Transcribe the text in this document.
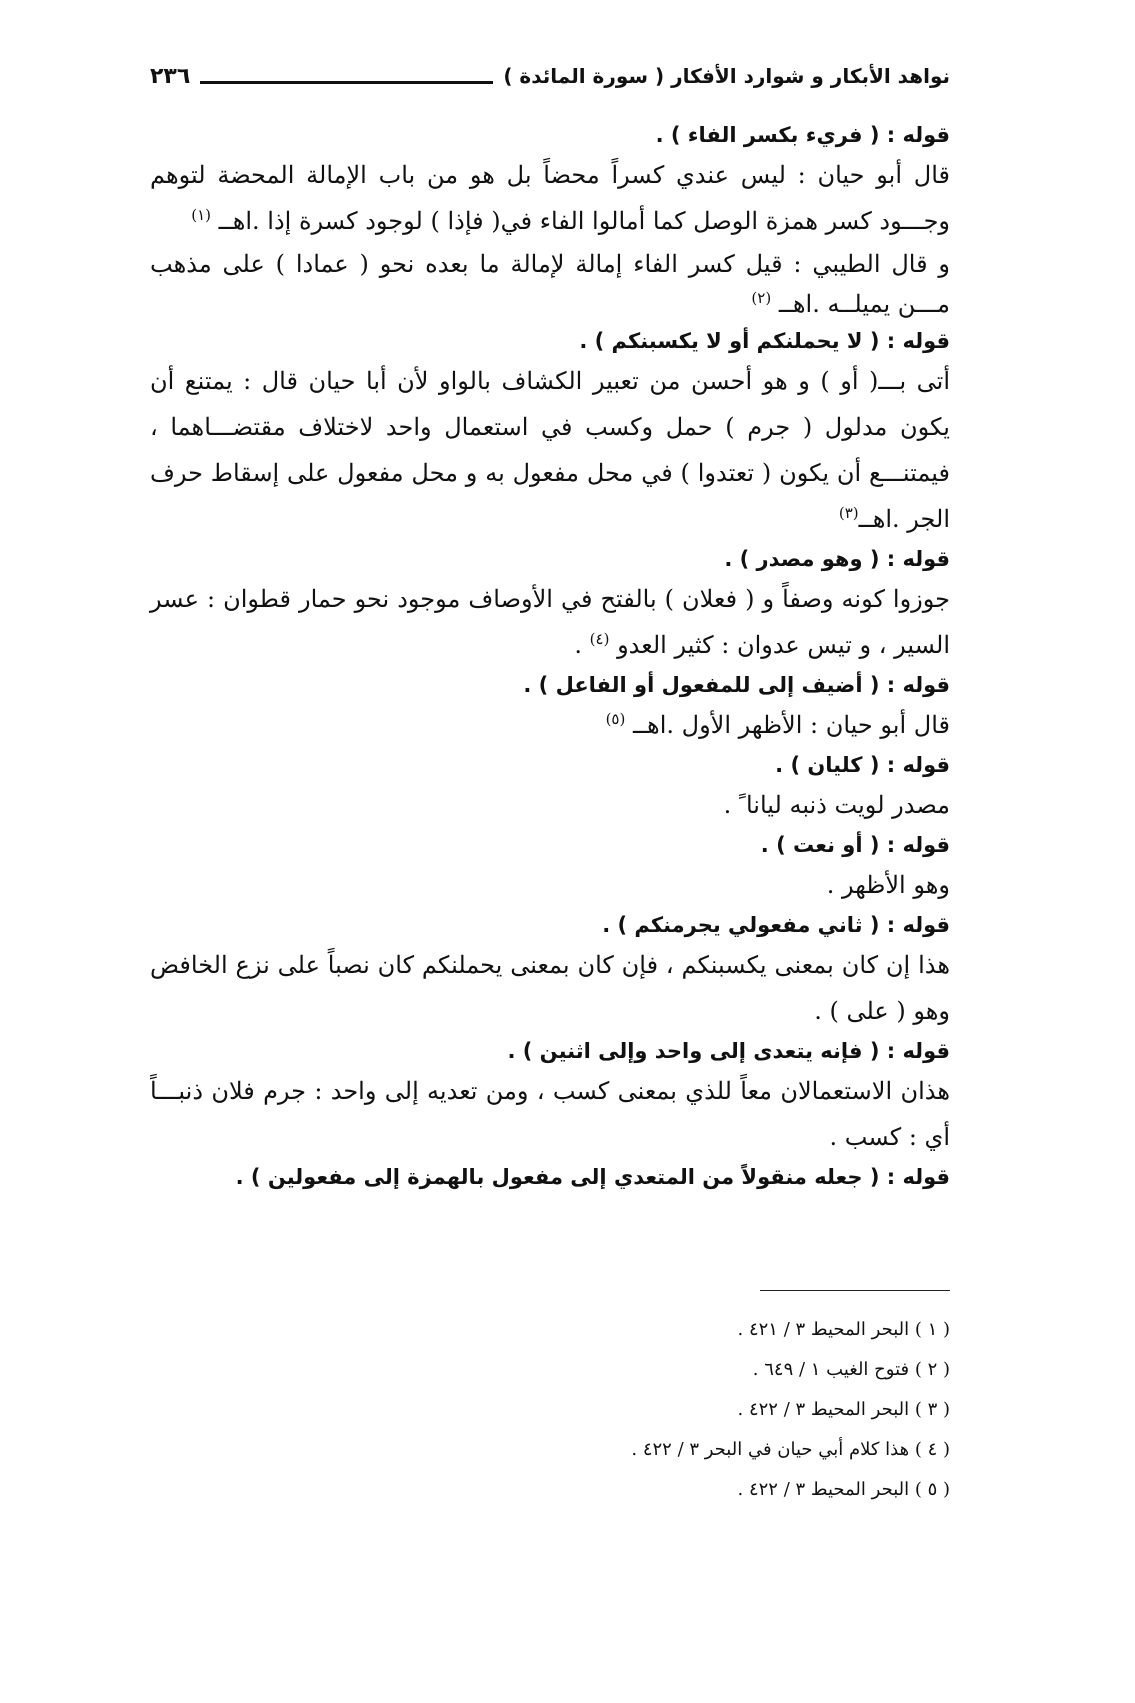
نواهد الأبكار و شوارد الأفكار ( سورة المائدة )
٢٣٦

قوله : ( فريء بكسر الفاء ) .

قال أبو حيان : ليس عندي كسراً محضاً بل هو من باب الإمالة المحضة لتوهم وجـــود كسر همزة الوصل كما أمالوا الفاء في( فإذا ) لوجود كسرة إذا .اهــ $^{(١)}$

و قال الطيبي : قيل كسر الفاء إمالة لإمالة ما بعده نحو ( عمادا ) على مذهب مـــن يميلــه .اهــ $^{(٢)}$

قوله : ( لا يحملنكم أو لا يكسبنكم ) .

أتى بـــ( أو ) و هو أحسن من تعبير الكشاف بالواو لأن أبا حيان قال : يمتنع أن يكون مدلول ( جرم ) حمل وكسب في استعمال واحد لاختلاف مقتضـــاهما ، فيمتنـــع أن يكون ( تعتدوا ) في محل مفعول به و محل مفعول على إسقاط حرف الجر .اهــ$^{(٣)}$

قوله : ( وهو مصدر ) .

جوزوا كونه وصفاً و ( فعلان ) بالفتح في الأوصاف موجود نحو حمار قطوان : عسر السير ، و تيس عدوان : كثير العدو $^{(٤)}$ .

قوله : ( أضيف إلى للمفعول أو الفاعل ) .

قال أبو حيان : الأظهر الأول .اهــ $^{(٥)}$

قوله : ( كليان ) .

مصدر لويت ذنبه ليانا ً .

قوله : ( أو نعت ) .

وهو الأظهر .

قوله : ( ثاني مفعولي يجرمنكم ) .

هذا إن كان بمعنى يكسبنكم ، فإن كان بمعنى يحملنكم كان نصباً على نزع الخافض وهو ( على ) .

قوله : ( فإنه يتعدى إلى واحد وإلى اثنين ) .

هذان الاستعمالان معاً للذي بمعنى كسب ، ومن تعديه إلى واحد : جرم فلان ذنبـــاً أي : كسب .

قوله : ( جعله منقولاً من المتعدي إلى مفعول بالهمزة إلى مفعولين ) .

( ١ ) البحر المحيط ٣ / ٤٢١ .

( ٢ ) فتوح الغيب ١ / ٦٤٩ .

( ٣ ) البحر المحيط ٣ / ٤٢٢ .

( ٤ ) هذا كلام أبي حيان في البحر ٣ / ٤٢٢ .

( ٥ ) البحر المحيط ٣ / ٤٢٢ .
